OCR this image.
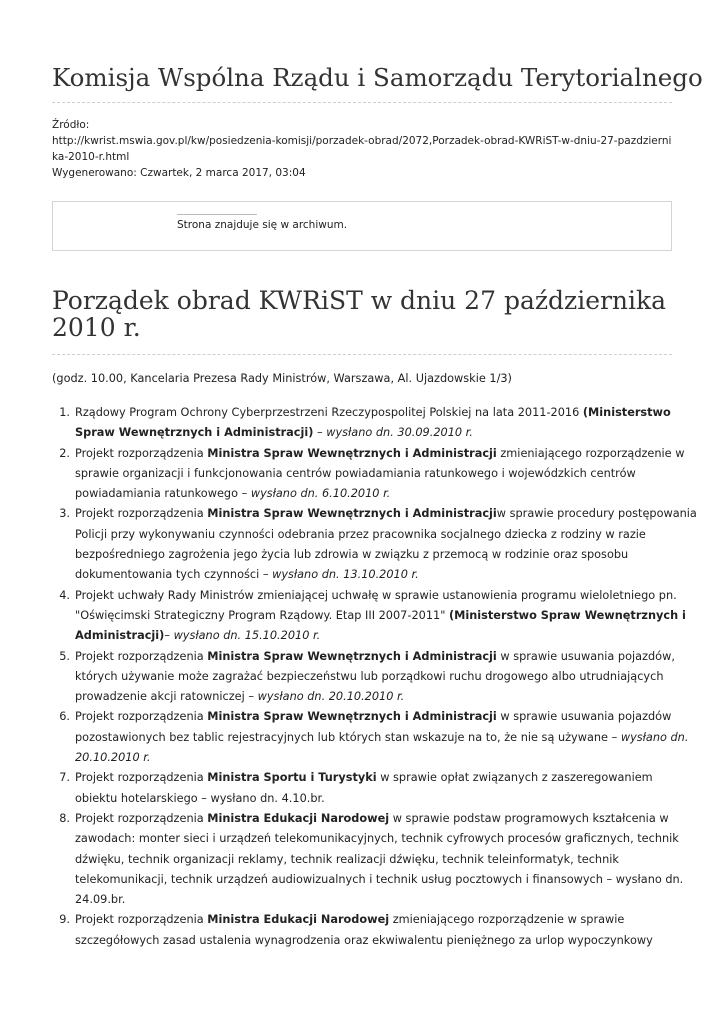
Komisja Wspólna Rządu i Samorządu Terytorialnego
Źródło:
http://kwrist.mswia.gov.pl/kw/posiedzenia-komisji/porzadek-obrad/2072,Porzadek-obrad-KWRiST-w-dniu-27-pazdziernika-2010-r.html
Wygenerowano: Czwartek, 2 marca 2017, 03:04
Strona znajduje się w archiwum.
Porządek obrad KWRiST w dniu 27 października 2010 r.
(godz. 10.00, Kancelaria Prezesa Rady Ministrów, Warszawa, Al. Ujazdowskie 1/3)
1. Rządowy Program Ochrony Cyberprzestrzeni Rzeczypospolitej Polskiej na lata 2011-2016 (Ministerstwo Spraw Wewnętrznych i Administracji) – wysłano dn. 30.09.2010 r.
2. Projekt rozporządzenia Ministra Spraw Wewnętrznych i Administracji zmieniającego rozporządzenie w sprawie organizacji i funkcjonowania centrów powiadamiania ratunkowego i wojewódzkich centrów powiadamiania ratunkowego – wysłano dn. 6.10.2010 r.
3. Projekt rozporządzenia Ministra Spraw Wewnętrznych i Administracjiw sprawie procedury postępowania Policji przy wykonywaniu czynności odebrania przez pracownika socjalnego dziecka z rodziny w razie bezpośredniego zagrożenia jego życia lub zdrowia w związku z przemocą w rodzinie oraz sposobu dokumentowania tych czynności – wysłano dn. 13.10.2010 r.
4. Projekt uchwały Rady Ministrów zmieniającej uchwałę w sprawie ustanowienia programu wieloletniego pn. "Oświęcimski Strategiczny Program Rządowy. Etap III 2007-2011" (Ministerstwo Spraw Wewnętrznych i Administracji)– wysłano dn. 15.10.2010 r.
5. Projekt rozporządzenia Ministra Spraw Wewnętrznych i Administracji w sprawie usuwania pojazdów, których używanie może zagrażać bezpieczeństwu lub porządkowi ruchu drogowego albo utrudniających prowadzenie akcji ratowniczej – wysłano dn. 20.10.2010 r.
6. Projekt rozporządzenia Ministra Spraw Wewnętrznych i Administracji w sprawie usuwania pojazdów pozostawionych bez tablic rejestracyjnych lub których stan wskazuje na to, że nie są używane – wysłano dn. 20.10.2010 r.
7. Projekt rozporządzenia Ministra Sportu i Turystyki w sprawie opłat związanych z zaszeregowaniem obiektu hotelarskiego – wysłano dn. 4.10.br.
8. Projekt rozporządzenia Ministra Edukacji Narodowej w sprawie podstaw programowych kształcenia w zawodach: monter sieci i urządzeń telekomunikacyjnych, technik cyfrowych procesów graficznych, technik dźwięku, technik organizacji reklamy, technik realizacji dźwięku, technik teleinformatyk, technik telekomunikacji, technik urządzeń audiowizualnych i technik usług pocztowych i finansowych – wysłano dn. 24.09.br.
9. Projekt rozporządzenia Ministra Edukacji Narodowej zmieniającego rozporządzenie w sprawie szczegółowych zasad ustalenia wynagrodzenia oraz ekwiwalentu pieniężnego za urlop wypoczynkowy
